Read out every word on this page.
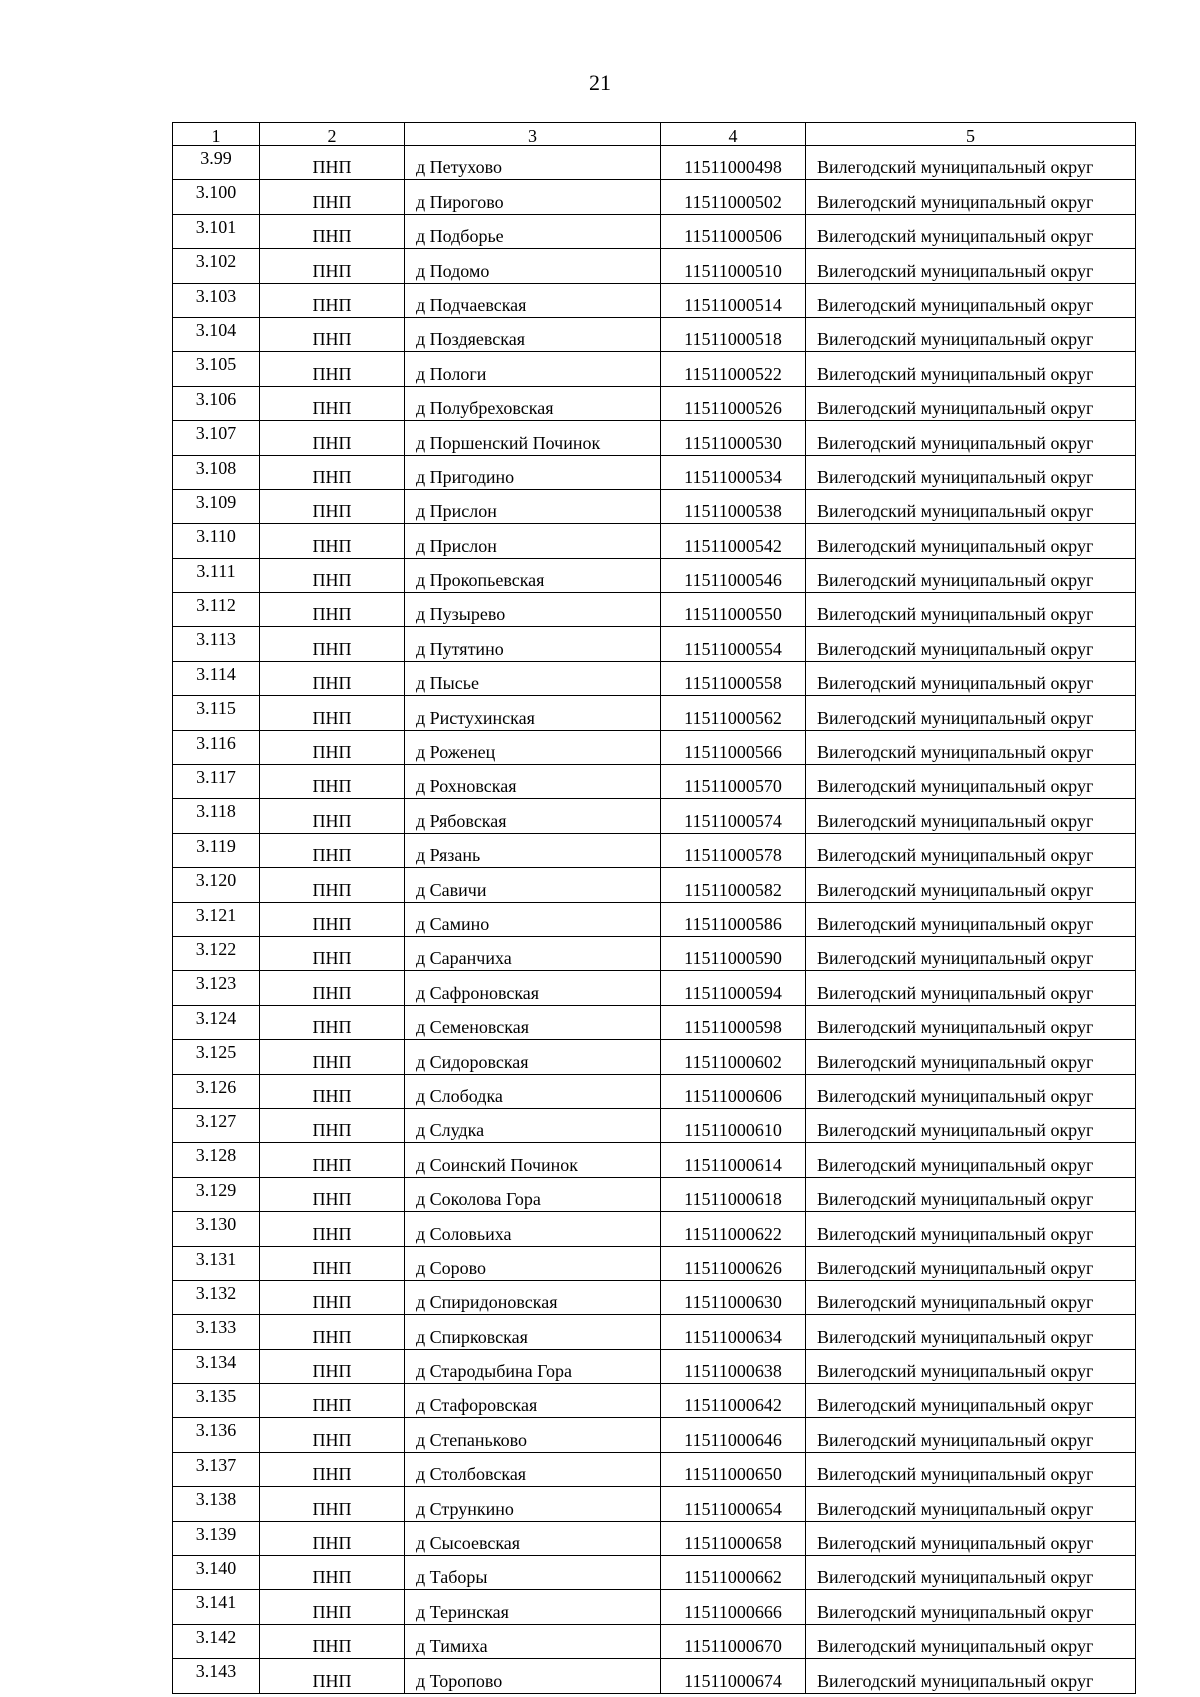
21
1	2	3	4	5
3.99	ПНП	д Петухово	11511000498	Вилегодский муниципальный округ
3.100	ПНП	д Пирогово	11511000502	Вилегодский муниципальный округ
3.101	ПНП	д Подборье	11511000506	Вилегодский муниципальный округ
3.102	ПНП	д Подомо	11511000510	Вилегодский муниципальный округ
3.103	ПНП	д Подчаевская	11511000514	Вилегодский муниципальный округ
3.104	ПНП	д Поздяевская	11511000518	Вилегодский муниципальный округ
3.105	ПНП	д Пологи	11511000522	Вилегодский муниципальный округ
3.106	ПНП	д Полубреховская	11511000526	Вилегодский муниципальный округ
3.107	ПНП	д Поршенский Починок	11511000530	Вилегодский муниципальный округ
3.108	ПНП	д Пригодино	11511000534	Вилегодский муниципальный округ
3.109	ПНП	д Прислон	11511000538	Вилегодский муниципальный округ
3.110	ПНП	д Прислон	11511000542	Вилегодский муниципальный округ
3.111	ПНП	д Прокопьевская	11511000546	Вилегодский муниципальный округ
3.112	ПНП	д Пузырево	11511000550	Вилегодский муниципальный округ
3.113	ПНП	д Путятино	11511000554	Вилегодский муниципальный округ
3.114	ПНП	д Пысье	11511000558	Вилегодский муниципальный округ
3.115	ПНП	д Ристухинская	11511000562	Вилегодский муниципальный округ
3.116	ПНП	д Роженец	11511000566	Вилегодский муниципальный округ
3.117	ПНП	д Рохновская	11511000570	Вилегодский муниципальный округ
3.118	ПНП	д Рябовская	11511000574	Вилегодский муниципальный округ
3.119	ПНП	д Рязань	11511000578	Вилегодский муниципальный округ
3.120	ПНП	д Савичи	11511000582	Вилегодский муниципальный округ
3.121	ПНП	д Самино	11511000586	Вилегодский муниципальный округ
3.122	ПНП	д Саранчиха	11511000590	Вилегодский муниципальный округ
3.123	ПНП	д Сафроновская	11511000594	Вилегодский муниципальный округ
3.124	ПНП	д Семеновская	11511000598	Вилегодский муниципальный округ
3.125	ПНП	д Сидоровская	11511000602	Вилегодский муниципальный округ
3.126	ПНП	д Слободка	11511000606	Вилегодский муниципальный округ
3.127	ПНП	д Слудка	11511000610	Вилегодский муниципальный округ
3.128	ПНП	д Соинский Починок	11511000614	Вилегодский муниципальный округ
3.129	ПНП	д Соколова Гора	11511000618	Вилегодский муниципальный округ
3.130	ПНП	д Соловьиха	11511000622	Вилегодский муниципальный округ
3.131	ПНП	д Сорово	11511000626	Вилегодский муниципальный округ
3.132	ПНП	д Спиридоновская	11511000630	Вилегодский муниципальный округ
3.133	ПНП	д Спирковская	11511000634	Вилегодский муниципальный округ
3.134	ПНП	д Стародыбина Гора	11511000638	Вилегодский муниципальный округ
3.135	ПНП	д Стафоровская	11511000642	Вилегодский муниципальный округ
3.136	ПНП	д Степаньково	11511000646	Вилегодский муниципальный округ
3.137	ПНП	д Столбовская	11511000650	Вилегодский муниципальный округ
3.138	ПНП	д Стрункино	11511000654	Вилегодский муниципальный округ
3.139	ПНП	д Сысоевская	11511000658	Вилегодский муниципальный округ
3.140	ПНП	д Таборы	11511000662	Вилегодский муниципальный округ
3.141	ПНП	д Теринская	11511000666	Вилегодский муниципальный округ
3.142	ПНП	д Тимиха	11511000670	Вилегодский муниципальный округ
3.143	ПНП	д Торопово	11511000674	Вилегодский муниципальный округ
